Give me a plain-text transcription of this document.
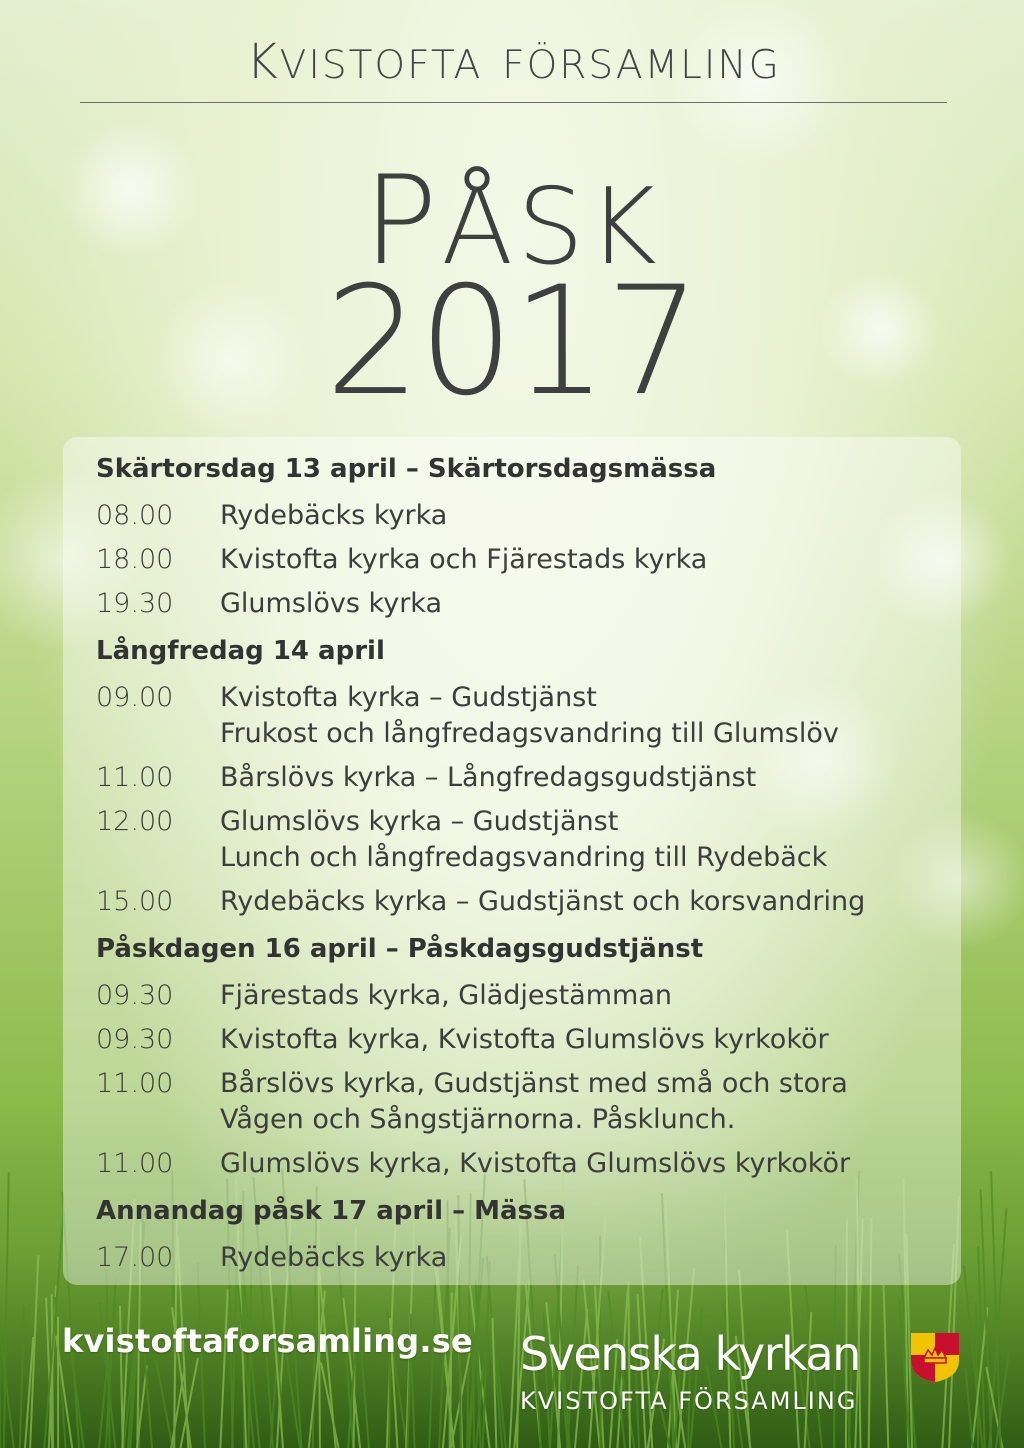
kvistofta församling
påsk
2017
Skärtorsdag 13 april – Skärtorsdagsmässa
08.00	Rydebäcks kyrka
18.00	Kvistofta kyrka och Fjärestads kyrka
19.30	Glumslövs kyrka
Långfredag 14 april
09.00	Kvistofta kyrka – Gudstjänst
Frukost och långfredagsvandring till Glumslöv
11.00	Bårslövs kyrka – Långfredagsgudstjänst
12.00	Glumslövs kyrka – Gudstjänst
Lunch och långfredagsvandring till Rydebäck
15.00	Rydebäcks kyrka – Gudstjänst och korsvandring
Påskdagen 16 april – Påskdagsgudstjänst
09.30	Fjärestads kyrka, Glädjestämman
09.30	Kvistofta kyrka, Kvistofta Glumslövs kyrkokör
11.00	Bårslövs kyrka, Gudstjänst med små och stora
Vågen och Sångstjärnorna. Påsklunch.
11.00	Glumslövs kyrka, Kvistofta Glumslövs kyrkokör
Annandag påsk 17 april – Mässa
17.00	Rydebäcks kyrka
kvistoftaforsamling.se Svenska kyrkan
KVISTOFTA FÖRSAMLING
